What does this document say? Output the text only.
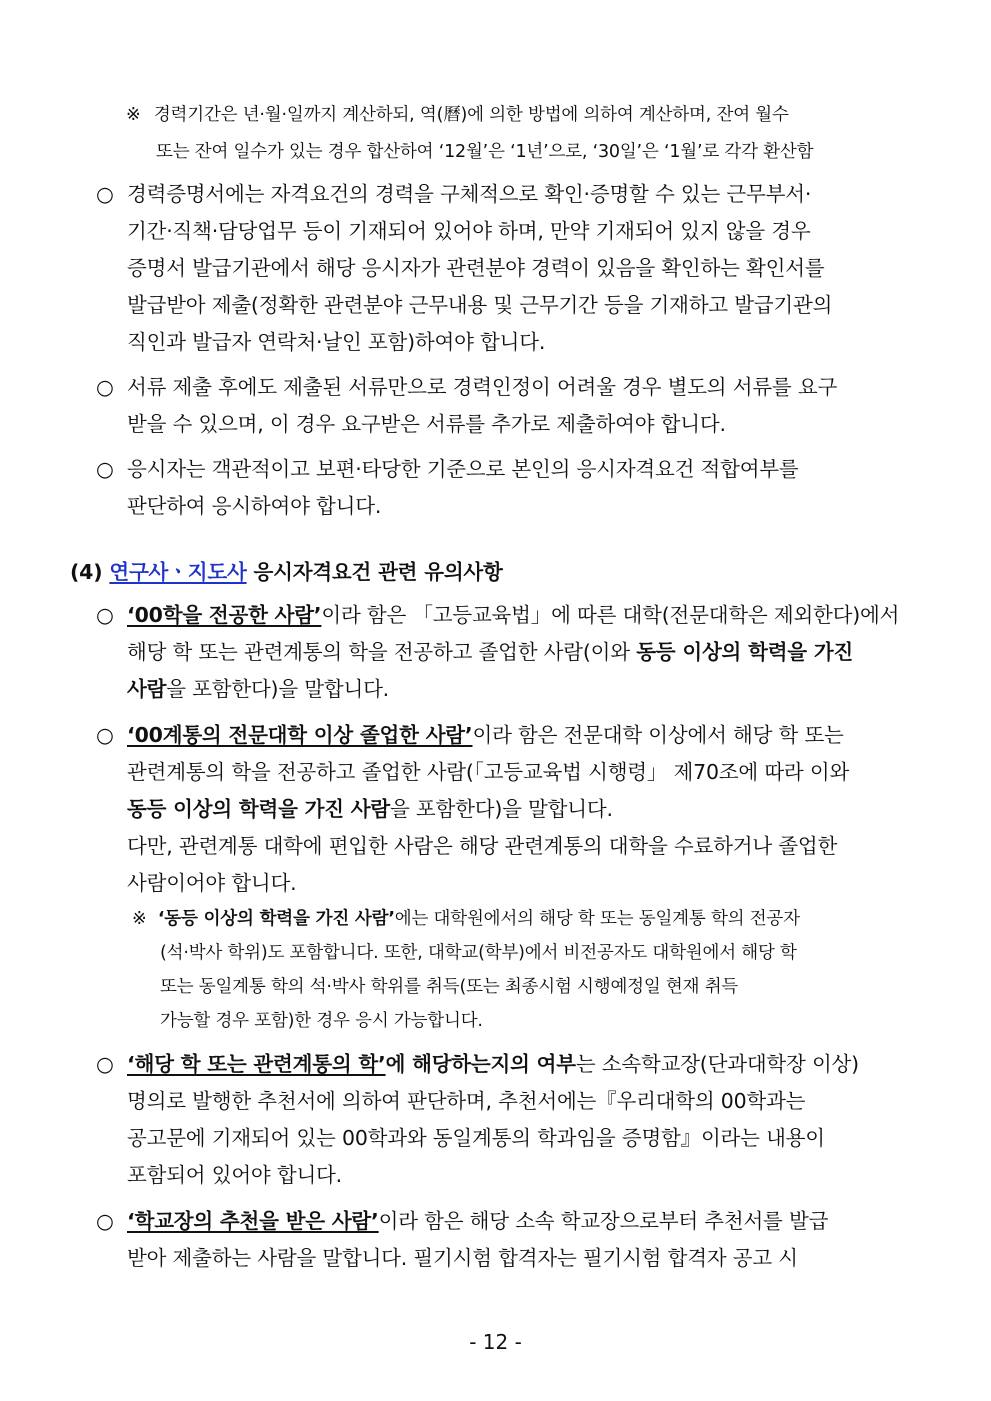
※ 경력기간은 년·월·일까지 계산하되, 역(曆)에 의한 방법에 의하여 계산하며, 잔여 월수
또는 잔여 일수가 있는 경우 합산하여 ‘12월’은 ‘1년’으로, ‘30일’은 ‘1월’로 각각 환산함
○ 경력증명서에는 자격요건의 경력을 구체적으로 확인·증명할 수 있는 근무부서·
기간·직책·담당업무 등이 기재되어 있어야 하며, 만약 기재되어 있지 않을 경우
증명서 발급기관에서 해당 응시자가 관련분야 경력이 있음을 확인하는 확인서를
발급받아 제출(정확한 관련분야 근무내용 및 근무기간 등을 기재하고 발급기관의
직인과 발급자 연락처·날인 포함)하여야 합니다.
○ 서류 제출 후에도 제출된 서류만으로 경력인정이 어려울 경우 별도의 서류를 요구
받을 수 있으며, 이 경우 요구받은 서류를 추가로 제출하여야 합니다.
○ 응시자는 객관적이고 보편·타당한 기준으로 본인의 응시자격요건 적합여부를
판단하여 응시하여야 합니다.
(4) 연구사ㆍ지도사 응시자격요건 관련 유의사항
○ ‘00학을 전공한 사람’이라 함은 「고등교육법」에 따른 대학(전문대학은 제외한다)에서
해당 학 또는 관련계통의 학을 전공하고 졸업한 사람(이와 동등 이상의 학력을 가진
사람을 포함한다)을 말합니다.
○ ‘00계통의 전문대학 이상 졸업한 사람’이라 함은 전문대학 이상에서 해당 학 또는
관련계통의 학을 전공하고 졸업한 사람(「고등교육법 시행령」 제70조에 따라 이와
동등 이상의 학력을 가진 사람을 포함한다)을 말합니다.
다만, 관련계통 대학에 편입한 사람은 해당 관련계통의 대학을 수료하거나 졸업한
사람이어야 합니다.
※ ‘동등 이상의 학력을 가진 사람’에는 대학원에서의 해당 학 또는 동일계통 학의 전공자
(석·박사 학위)도 포함합니다. 또한, 대학교(학부)에서 비전공자도 대학원에서 해당 학
또는 동일계통 학의 석·박사 학위를 취득(또는 최종시험 시행예정일 현재 취득
가능할 경우 포함)한 경우 응시 가능합니다.
○ ‘해당 학 또는 관련계통의 학’에 해당하는지의 여부는 소속학교장(단과대학장 이상)
명의로 발행한 추천서에 의하여 판단하며, 추천서에는『우리대학의 00학과는
공고문에 기재되어 있는 00학과와 동일계통의 학과임을 증명함』이라는 내용이
포함되어 있어야 합니다.
○ ‘학교장의 추천을 받은 사람’이라 함은 해당 소속 학교장으로부터 추천서를 발급
받아 제출하는 사람을 말합니다. 필기시험 합격자는 필기시험 합격자 공고 시
- 12 -
